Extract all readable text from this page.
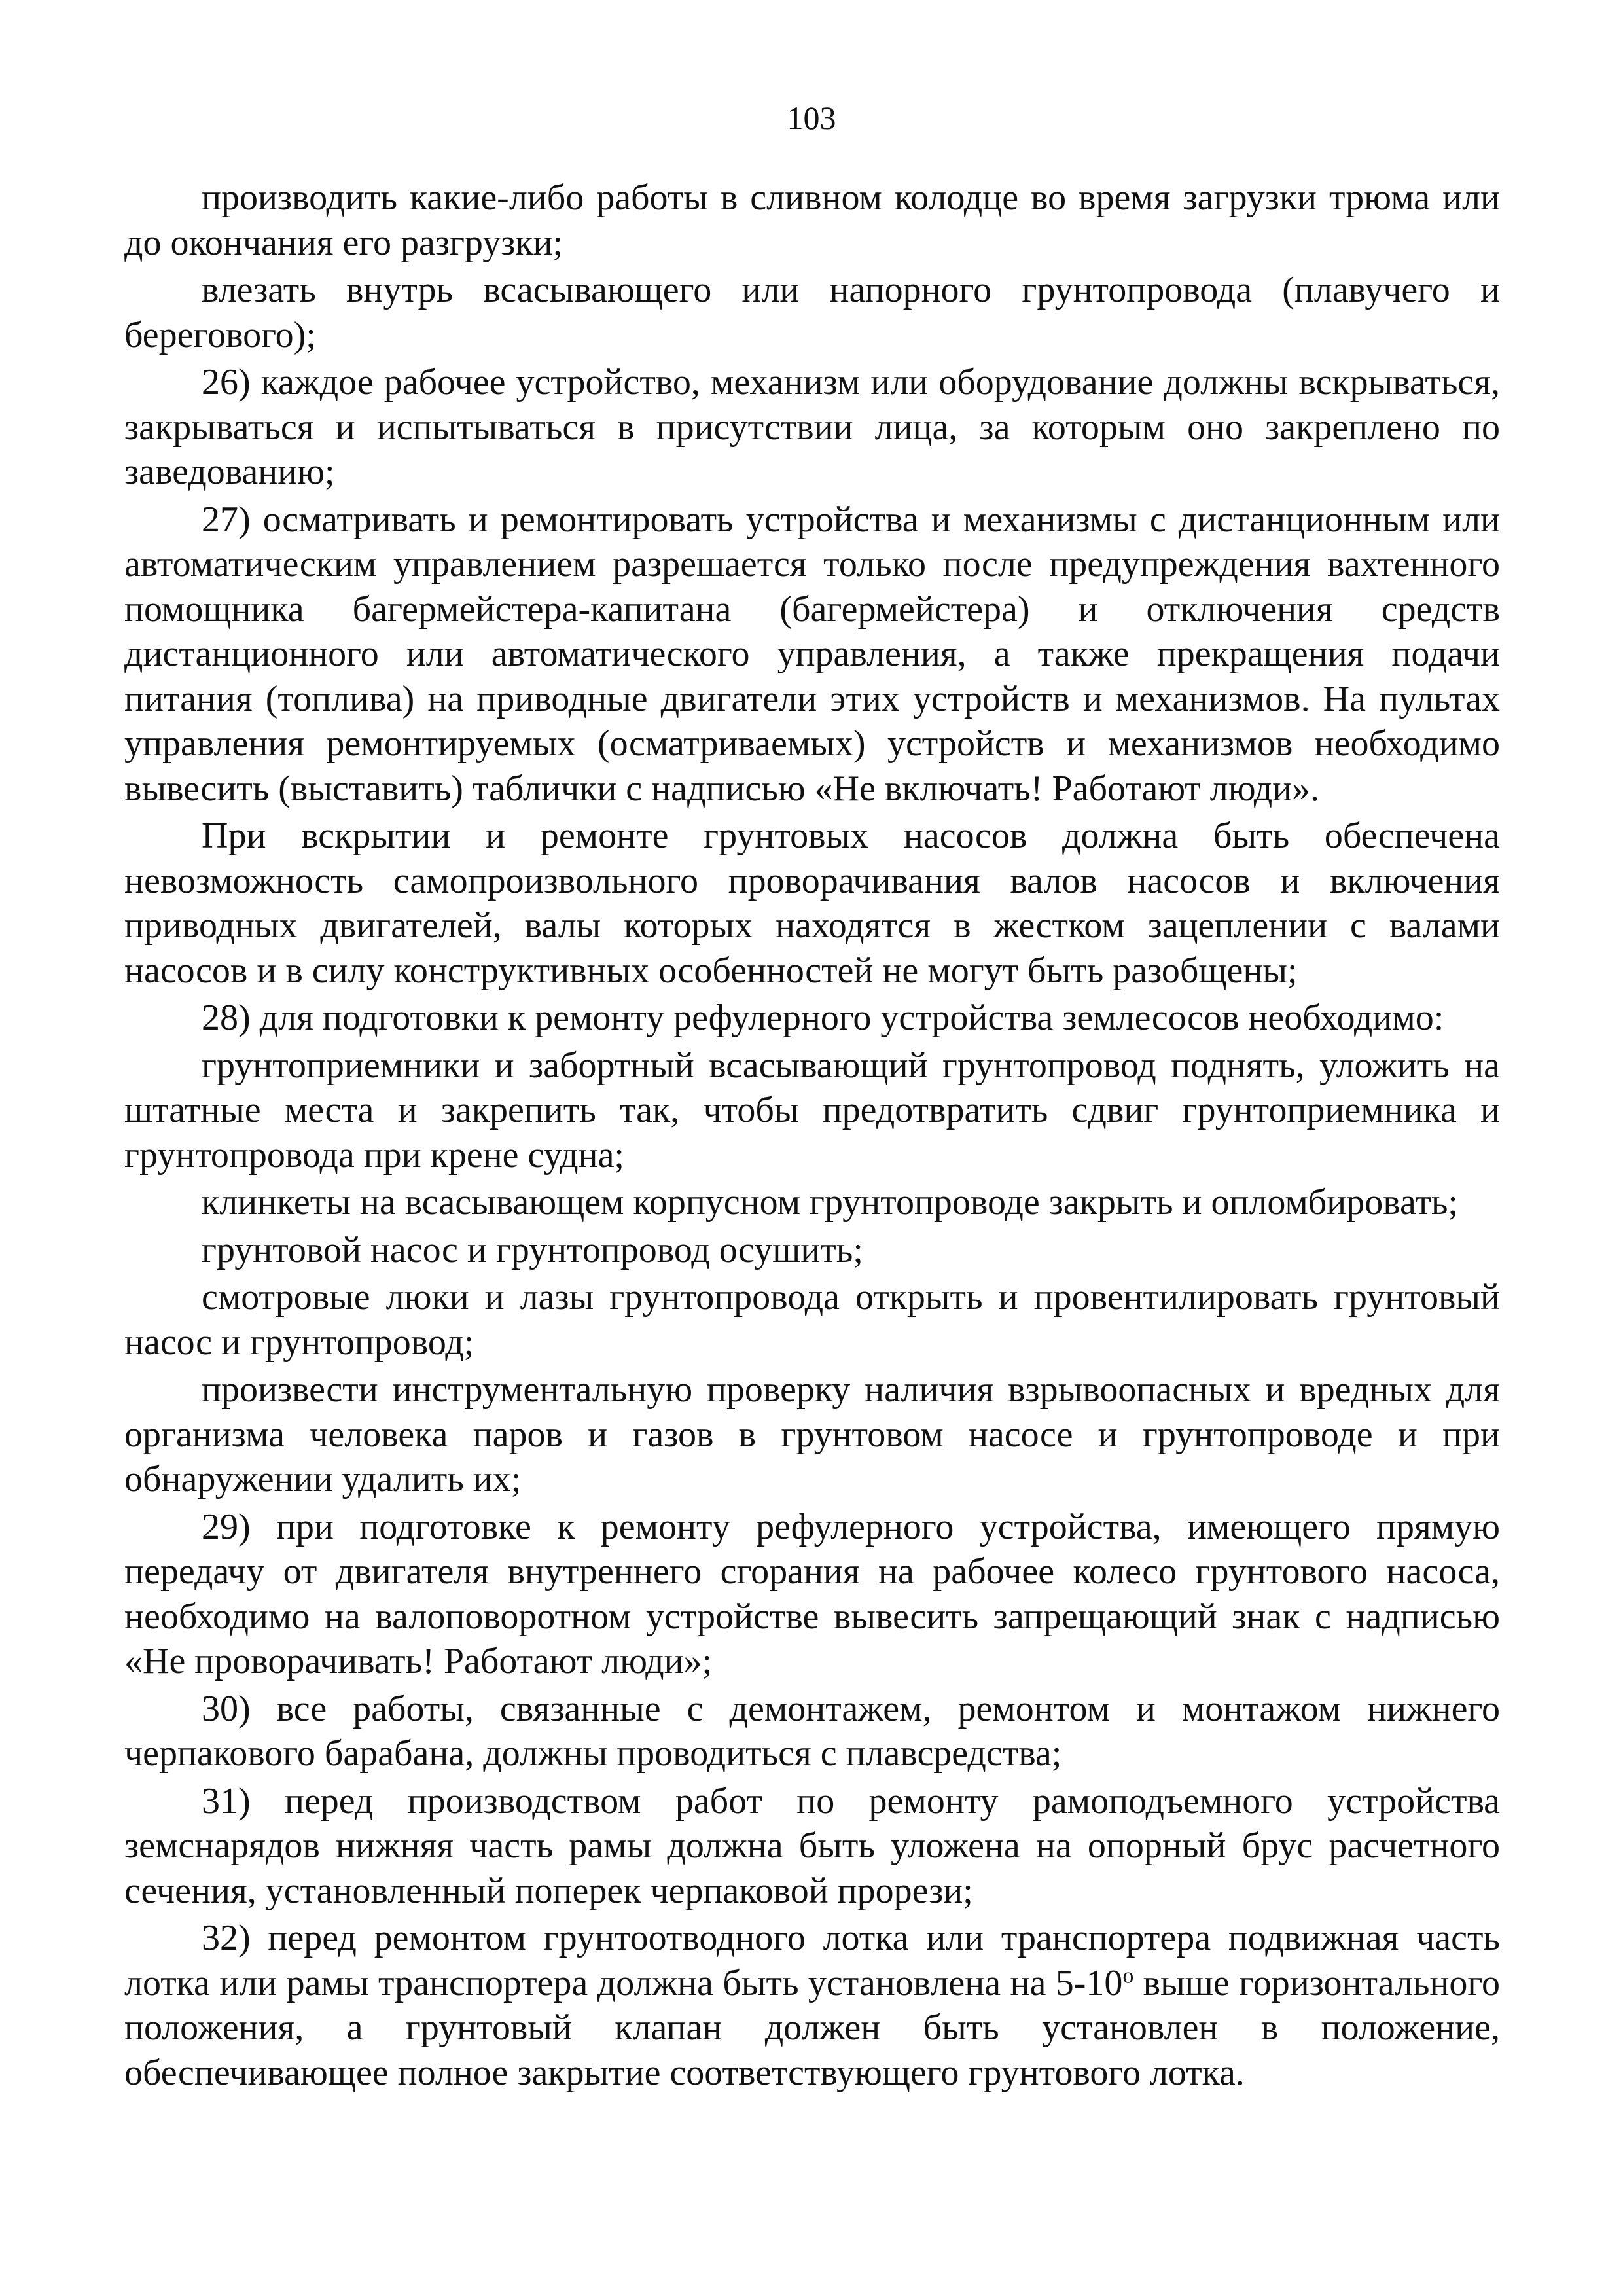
103

производить какие-либо работы в сливном колодце во время загрузки трюма или до окончания его разгрузки;

влезать внутрь всасывающего или напорного грунтопровода (плавучего и берегового);

26) каждое рабочее устройство, механизм или оборудование должны вскрываться, закрываться и испытываться в присутствии лица, за которым оно закреплено по заведованию;

27) осматривать и ремонтировать устройства и механизмы с дистанционным или автоматическим управлением разрешается только после предупреждения вахтенного помощника багермейстера-капитана (багермейстера) и отключения средств дистанционного или автоматического управления, а также прекращения подачи питания (топлива) на приводные двигатели этих устройств и механизмов. На пультах управления ремонтируемых (осматриваемых) устройств и механизмов необходимо вывесить (выставить) таблички с надписью «Не включать! Работают люди».

При вскрытии и ремонте грунтовых насосов должна быть обеспечена невозможность самопроизвольного проворачивания валов насосов и включения приводных двигателей, валы которых находятся в жестком зацеплении с валами насосов и в силу конструктивных особенностей не могут быть разобщены;

28) для подготовки к ремонту рефулерного устройства землесосов необходимо:

грунтоприемники и забортный всасывающий грунтопровод поднять, уложить на штатные места и закрепить так, чтобы предотвратить сдвиг грунтоприемника и грунтопровода при крене судна;

клинкеты на всасывающем корпусном грунтопроводе закрыть и опломбировать;

грунтовой насос и грунтопровод осушить;

смотровые люки и лазы грунтопровода открыть и провентилировать грунтовый насос и грунтопровод;

произвести инструментальную проверку наличия взрывоопасных и вредных для организма человека паров и газов в грунтовом насосе и грунтопроводе и при обнаружении удалить их;

29) при подготовке к ремонту рефулерного устройства, имеющего прямую передачу от двигателя внутреннего сгорания на рабочее колесо грунтового насоса, необходимо на валоповоротном устройстве вывесить запрещающий знак с надписью «Не проворачивать! Работают люди»;

30) все работы, связанные с демонтажем, ремонтом и монтажом нижнего черпакового барабана, должны проводиться с плавсредства;

31) перед производством работ по ремонту рамоподъемного устройства земснарядов нижняя часть рамы должна быть уложена на опорный брус расчетного сечения, установленный поперек черпаковой прорези;

32) перед ремонтом грунтоотводного лотка или транспортера подвижная часть лотка или рамы транспортера должна быть установлена на $5-10^о$ выше горизонтального положения, а грунтовый клапан должен быть установлен в положение, обеспечивающее полное закрытие соответствующего грунтового лотка.
